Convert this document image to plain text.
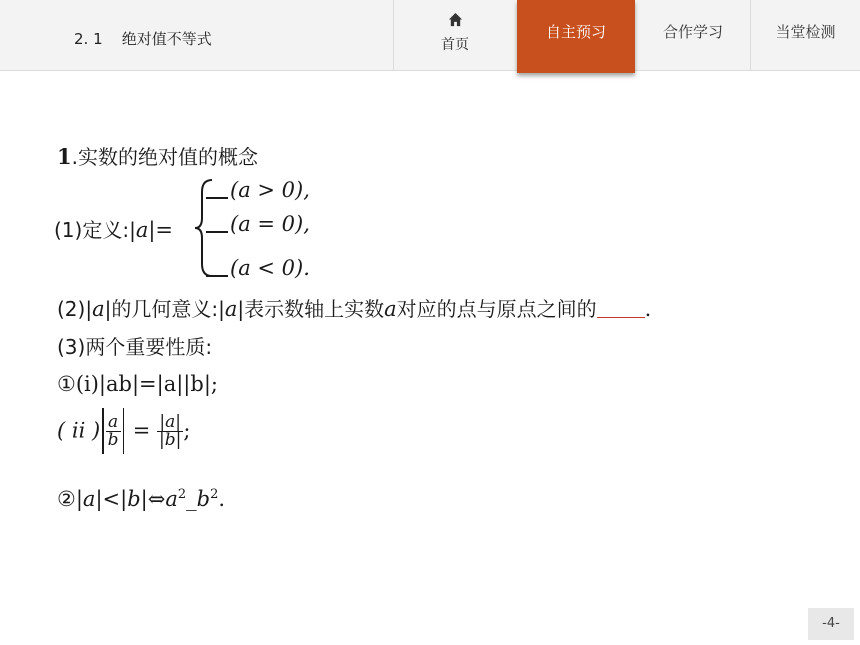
2. 1    绝对值不等式	首页
自主预习	合作学习	当堂检测
1.实数的绝对值的概念
(1)定义:|a|=
(a > 0),
(a = 0),
(a < 0).
(2)|a|的几何意义:|a|表示数轴上实数a对应的点与原点之间的 .
(3)两个重要性质:
①(i)|ab|=|a||b|;
( ii ) $\frac{a}{b} = \frac{|a|}{|b|}$ ;
$②|a|<|b|\Leftrightarrow a^2\_b^2$.
-4-
